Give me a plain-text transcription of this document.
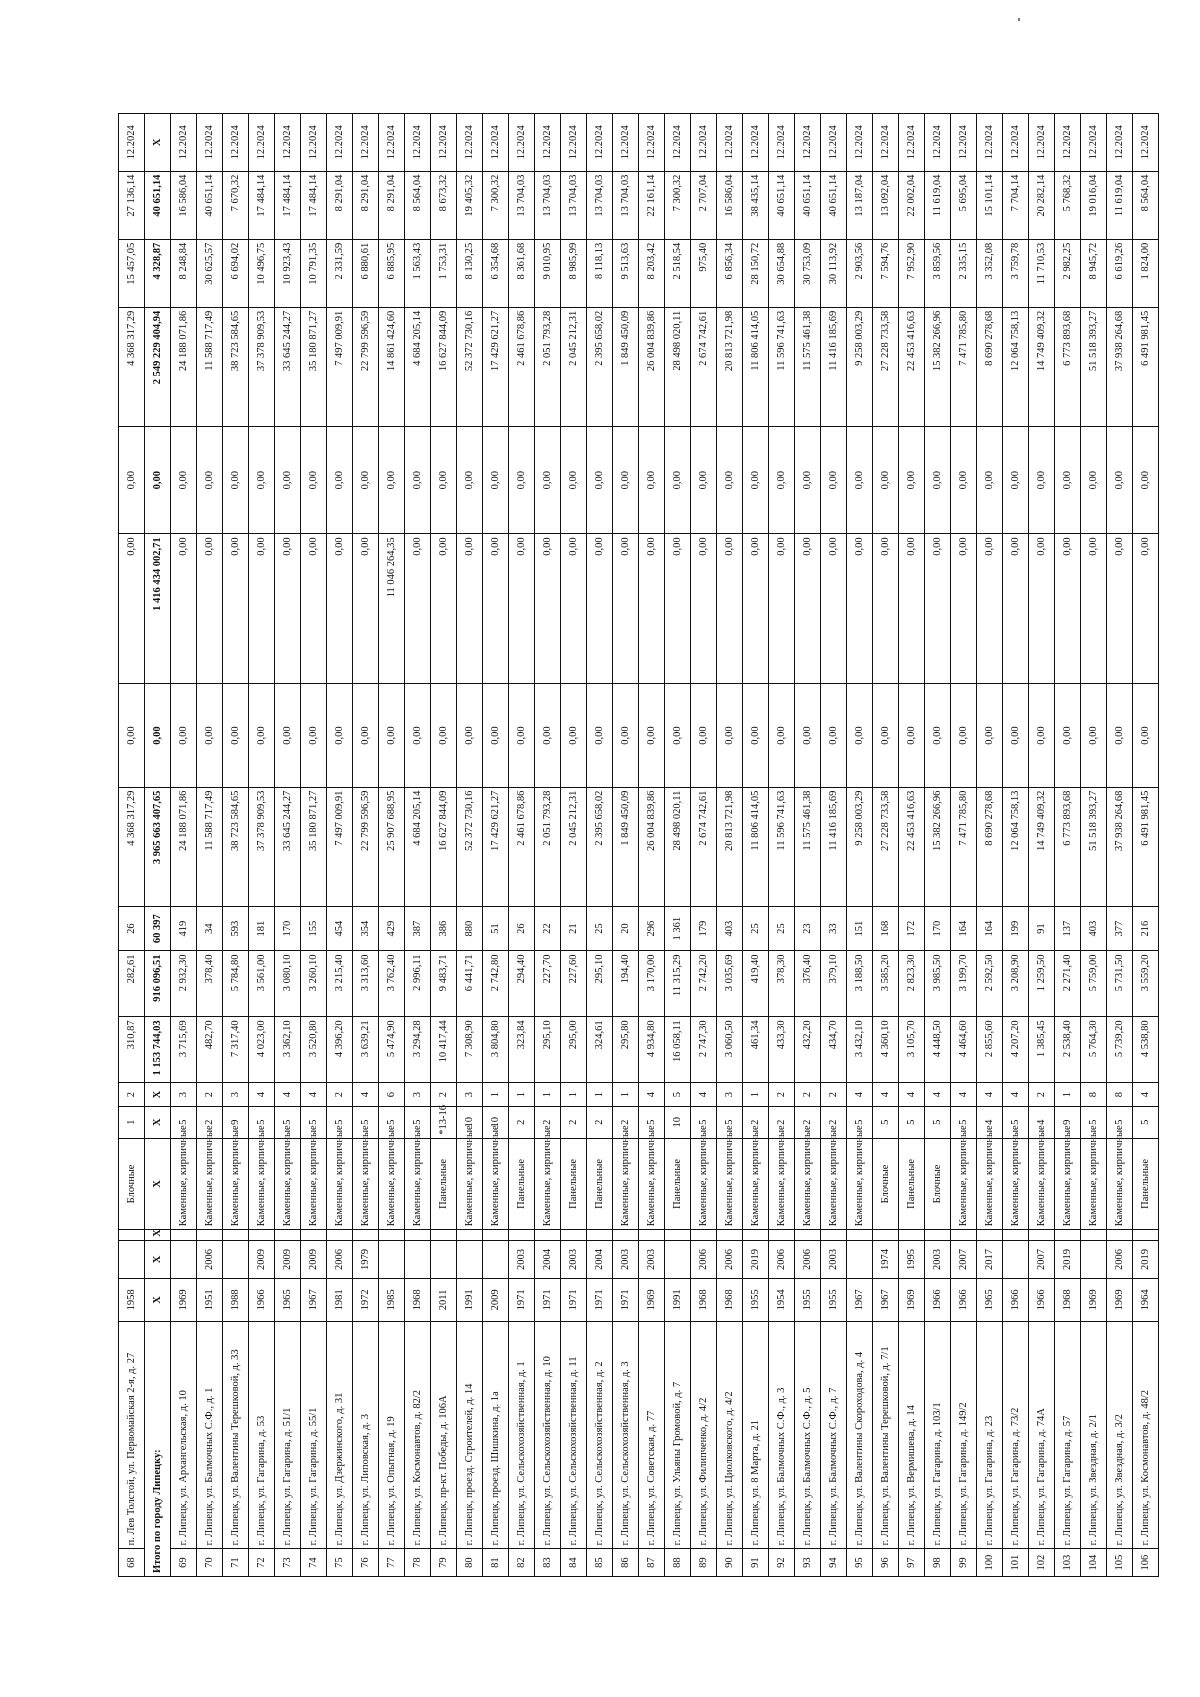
68	п. Лев Толстой, ул. Первомайская 2-я, д. 27	1958			Блочные	1	2	310,87	282,61	26	4 368 317,29	0,00	0,00	0,00	4 368 317,29	15 457,05	27 136,14	12.2024
Итого по городу Липецку:		X	X	X	X	X	X	1 153 744,03	916 096,51	60 397	3 965 663 407,65	0,00	1 416 434 002,71	0,00	2 549 229 404,94	4 328,87	40 651,14	X
69	г. Липецк, ул. Архангельская, д. 10	1969			Каменные, кирпичные	5	3	3 715,69	2 932,30	419	24 188 071,86	0,00	0,00	0,00	24 188 071,86	8 248,84	16 586,04	12.2024
70	г. Липецк, ул. Балмочных С.Ф., д. 1	1951	2006		Каменные, кирпичные	2	2	482,70	378,40	34	11 588 717,49	0,00	0,00	0,00	11 588 717,49	30 625,57	40 651,14	12.2024
71	г. Липецк, ул. Валентины Терешковой, д. 33	1988			Каменные, кирпичные	9	3	7 317,40	5 784,80	593	38 723 584,65	0,00	0,00	0,00	38 723 584,65	6 694,02	7 670,32	12.2024
72	г. Липецк, ул. Гагарина, д. 53	1966	2009		Каменные, кирпичные	5	4	4 023,00	3 561,00	181	37 378 909,53	0,00	0,00	0,00	37 378 909,53	10 496,75	17 484,14	12.2024
73	г. Липецк, ул. Гагарина, д. 51/1	1965	2009		Каменные, кирпичные	5	4	3 362,10	3 080,10	170	33 645 244,27	0,00	0,00	0,00	33 645 244,27	10 923,43	17 484,14	12.2024
74	г. Липецк, ул. Гагарина, д. 55/1	1967	2009		Каменные, кирпичные	5	4	3 520,80	3 260,10	155	35 180 871,27	0,00	0,00	0,00	35 180 871,27	10 791,35	17 484,14	12.2024
75	г. Липецк, ул. Дзержинского, д. 31	1981	2006		Каменные, кирпичные	5	2	4 396,20	3 215,40	454	7 497 009,91	0,00	0,00	0,00	7 497 009,91	2 331,59	8 291,04	12.2024
76	г. Липецк, ул. Липовская, д. 3	1972	1979		Каменные, кирпичные	5	4	3 639,21	3 313,60	354	22 799 596,59	0,00	0,00	0,00	22 799 596,59	6 880,61	8 291,04	12.2024
77	г. Липецк, ул. Опытная, д. 19	1985			Каменные, кирпичные	5	6	5 474,90	3 762,40	429	25 907 688,95	0,00	11 046 264,35	0,00	14 861 424,60	6 885,95	8 291,04	12.2024
78	г. Липецк, ул. Космонавтов, д. 82/2	1968			Каменные, кирпичные	5	3	3 294,28	2 996,11	387	4 684 205,14	0,00	0,00	0,00	4 684 205,14	1 563,43	8 564,04	12.2024
79	г. Липецк, пр-кт. Победы, д. 106А	2011			Панельные	*13-16	2	10 417,44	9 483,71	386	16 627 844,09	0,00	0,00	0,00	16 627 844,09	1 753,31	8 673,32	12.2024
80	г. Липецк, проезд. Строителей, д. 14	1991			Каменные, кирпичные	10	3	7 308,90	6 441,71	880	52 372 730,16	0,00	0,00	0,00	52 372 730,16	8 130,25	19 405,32	12.2024
81	г. Липецк, проезд. Шишкина, д. 1а	2009			Каменные, кирпичные	10	1	3 804,80	2 742,80	51	17 429 621,27	0,00	0,00	0,00	17 429 621,27	6 354,68	7 300,32	12.2024
82	г. Липецк, ул. Сельскохозяйственная, д. 1	1971	2003		Панельные	2	1	323,84	294,40	26	2 461 678,86	0,00	0,00	0,00	2 461 678,86	8 361,68	13 704,03	12.2024
83	г. Липецк, ул. Сельскохозяйственная, д. 10	1971	2004		Каменные, кирпичные	2	1	295,10	227,70	22	2 051 793,28	0,00	0,00	0,00	2 051 793,28	9 010,95	13 704,03	12.2024
84	г. Липецк, ул. Сельскохозяйственная, д. 11	1971	2003		Панельные	2	1	295,00	227,60	21	2 045 212,31	0,00	0,00	0,00	2 045 212,31	8 985,99	13 704,03	12.2024
85	г. Липецк, ул. Сельскохозяйственная, д. 2	1971	2004		Панельные	2	1	324,61	295,10	25	2 395 658,02	0,00	0,00	0,00	2 395 658,02	8 118,13	13 704,03	12.2024
86	г. Липецк, ул. Сельскохозяйственная, д. 3	1971	2003		Каменные, кирпичные	2	1	295,80	194,40	20	1 849 450,09	0,00	0,00	0,00	1 849 450,09	9 513,63	13 704,03	12.2024
87	г. Липецк, ул. Советская, д. 77	1969	2003		Каменные, кирпичные	5	4	4 934,80	3 170,00	296	26 004 839,86	0,00	0,00	0,00	26 004 839,86	8 203,42	22 161,14	12.2024
88	г. Липецк, ул. Ульяны Громовой, д. 7	1991			Панельные	10	5	16 058,11	11 315,29	1 361	28 498 020,11	0,00	0,00	0,00	28 498 020,11	2 518,54	7 300,32	12.2024
89	г. Липецк, ул. Филипченко, д. 4/2	1968	2006		Каменные, кирпичные	5	4	2 747,30	2 742,20	179	2 674 742,61	0,00	0,00	0,00	2 674 742,61	975,40	2 707,04	12.2024
90	г. Липецк, ул. Циолковского, д. 4/2	1968	2006		Каменные, кирпичные	5	3	3 060,50	3 035,69	403	20 813 721,98	0,00	0,00	0,00	20 813 721,98	6 856,34	16 586,04	12.2024
91	г. Липецк, ул. 8 Марта, д. 21	1955	2019		Каменные, кирпичные	2	1	461,34	419,40	25	11 806 414,05	0,00	0,00	0,00	11 806 414,05	28 150,72	38 435,14	12.2024
92	г. Липецк, ул. Балмочных С.Ф., д. 3	1954	2006		Каменные, кирпичные	2	2	433,30	378,30	25	11 596 741,63	0,00	0,00	0,00	11 596 741,63	30 654,88	40 651,14	12.2024
93	г. Липецк, ул. Балмочных С.Ф., д. 5	1955	2006		Каменные, кирпичные	2	2	432,20	376,40	23	11 575 461,38	0,00	0,00	0,00	11 575 461,38	30 753,09	40 651,14	12.2024
94	г. Липецк, ул. Балмочных С.Ф., д. 7	1955	2003		Каменные, кирпичные	2	2	434,70	379,10	33	11 416 185,69	0,00	0,00	0,00	11 416 185,69	30 113,92	40 651,14	12.2024
95	г. Липецк, ул. Валентины Скороходова, д. 4	1967			Каменные, кирпичные	5	4	3 432,10	3 188,50	151	9 258 003,29	0,00	0,00	0,00	9 258 003,29	2 903,56	13 187,04	12.2024
96	г. Липецк, ул. Валентины Терешковой, д. 7/1	1967	1974		Блочные	5	4	4 360,10	3 585,20	168	27 228 733,58	0,00	0,00	0,00	27 228 733,58	7 594,76	13 092,04	12.2024
97	г. Липецк, ул. Вермишева, д. 14	1969	1995		Панельные	5	4	3 105,70	2 823,30	172	22 453 416,63	0,00	0,00	0,00	22 453 416,63	7 952,90	22 002,04	12.2024
98	г. Липецк, ул. Гагарина, д. 103/1	1966	2003		Блочные	5	4	4 448,50	3 985,50	170	15 382 266,96	0,00	0,00	0,00	15 382 266,96	3 859,56	11 619,04	12.2024
99	г. Липецк, ул. Гагарина, д. 149/2	1966	2007		Каменные, кирпичные	5	4	4 464,60	3 199,70	164	7 471 785,80	0,00	0,00	0,00	7 471 785,80	2 335,15	5 695,04	12.2024
100	г. Липецк, ул. Гагарина, д. 23	1965	2017		Каменные, кирпичные	4	4	2 855,60	2 592,50	164	8 690 278,68	0,00	0,00	0,00	8 690 278,68	3 352,08	15 101,14	12.2024
101	г. Липецк, ул. Гагарина, д. 73/2	1966			Каменные, кирпичные	5	4	4 207,20	3 208,90	199	12 064 758,13	0,00	0,00	0,00	12 064 758,13	3 759,78	7 704,14	12.2024
102	г. Липецк, ул. Гагарина, д. 74А	1966	2007		Каменные, кирпичные	4	2	1 385,45	1 259,50	91	14 749 409,32	0,00	0,00	0,00	14 749 409,32	11 710,53	20 282,14	12.2024
103	г. Липецк, ул. Гагарина, д. 57	1968	2019		Каменные, кирпичные	9	1	2 538,40	2 271,40	137	6 773 893,68	0,00	0,00	0,00	6 773 893,68	2 982,25	5 768,32	12.2024
104	г. Липецк, ул. Звездная, д. 2/1	1969			Каменные, кирпичные	5	8	5 764,30	5 759,00	403	51 518 393,27	0,00	0,00	0,00	51 518 393,27	8 945,72	19 016,04	12.2024
105	г. Липецк, ул. Звездная, д. 3/2	1969	2006		Каменные, кирпичные	5	8	5 739,20	5 731,50	377	37 938 264,68	0,00	0,00	0,00	37 938 264,68	6 619,26	11 619,04	12.2024
106	г. Липецк, ул. Космонавтов, д. 48/2	1964	2019		Панельные	5	4	4 538,80	3 559,20	216	6 491 981,45	0,00	0,00	0,00	6 491 981,45	1 824,00	8 564,04	12.2024
